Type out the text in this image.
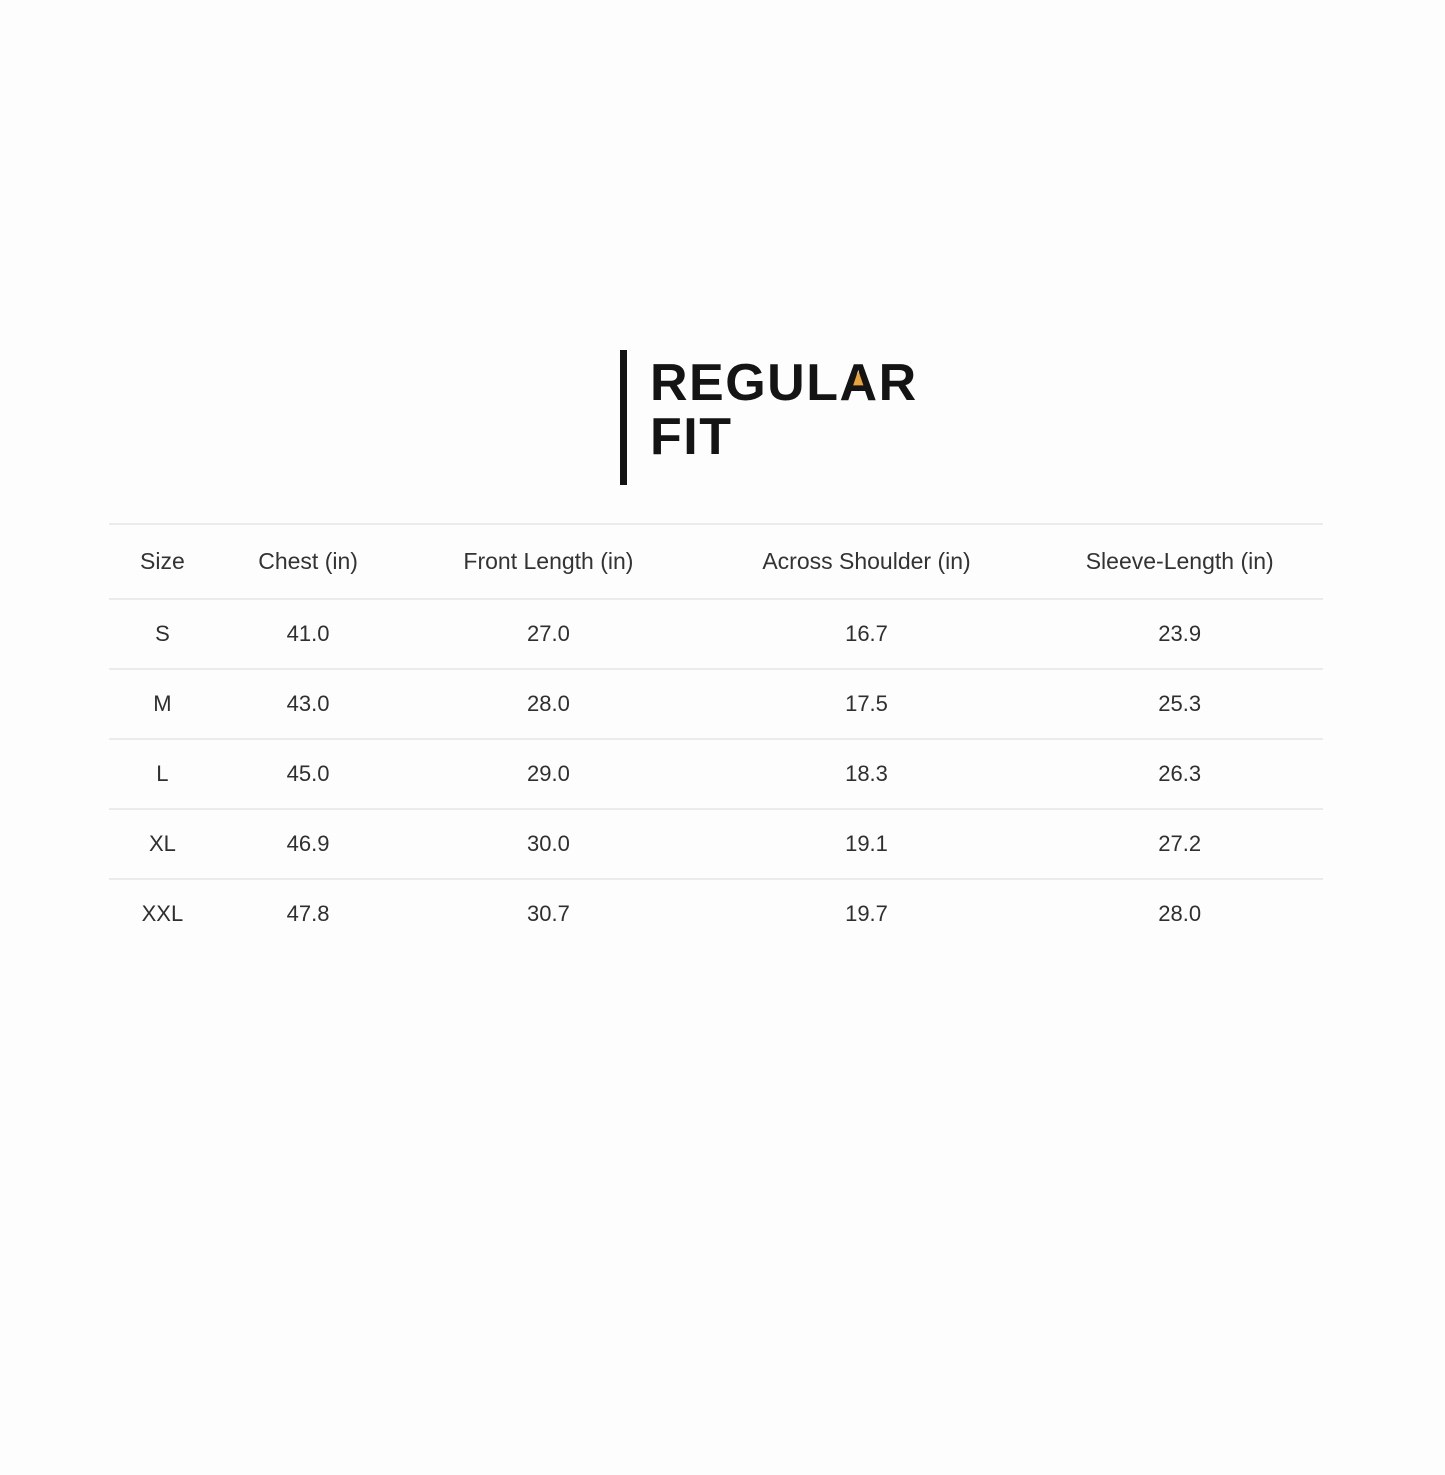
REGUL
AR
FIT
Size	Chest (in)	Front Length (in)	Across Shoulder (in)	Sleeve-Length (in)
S	41.0	27.0	16.7	23.9
M	43.0	28.0	17.5	25.3
L	45.0	29.0	18.3	26.3
XL	46.9	30.0	19.1	27.2
XXL	47.8	30.7	19.7	28.0
